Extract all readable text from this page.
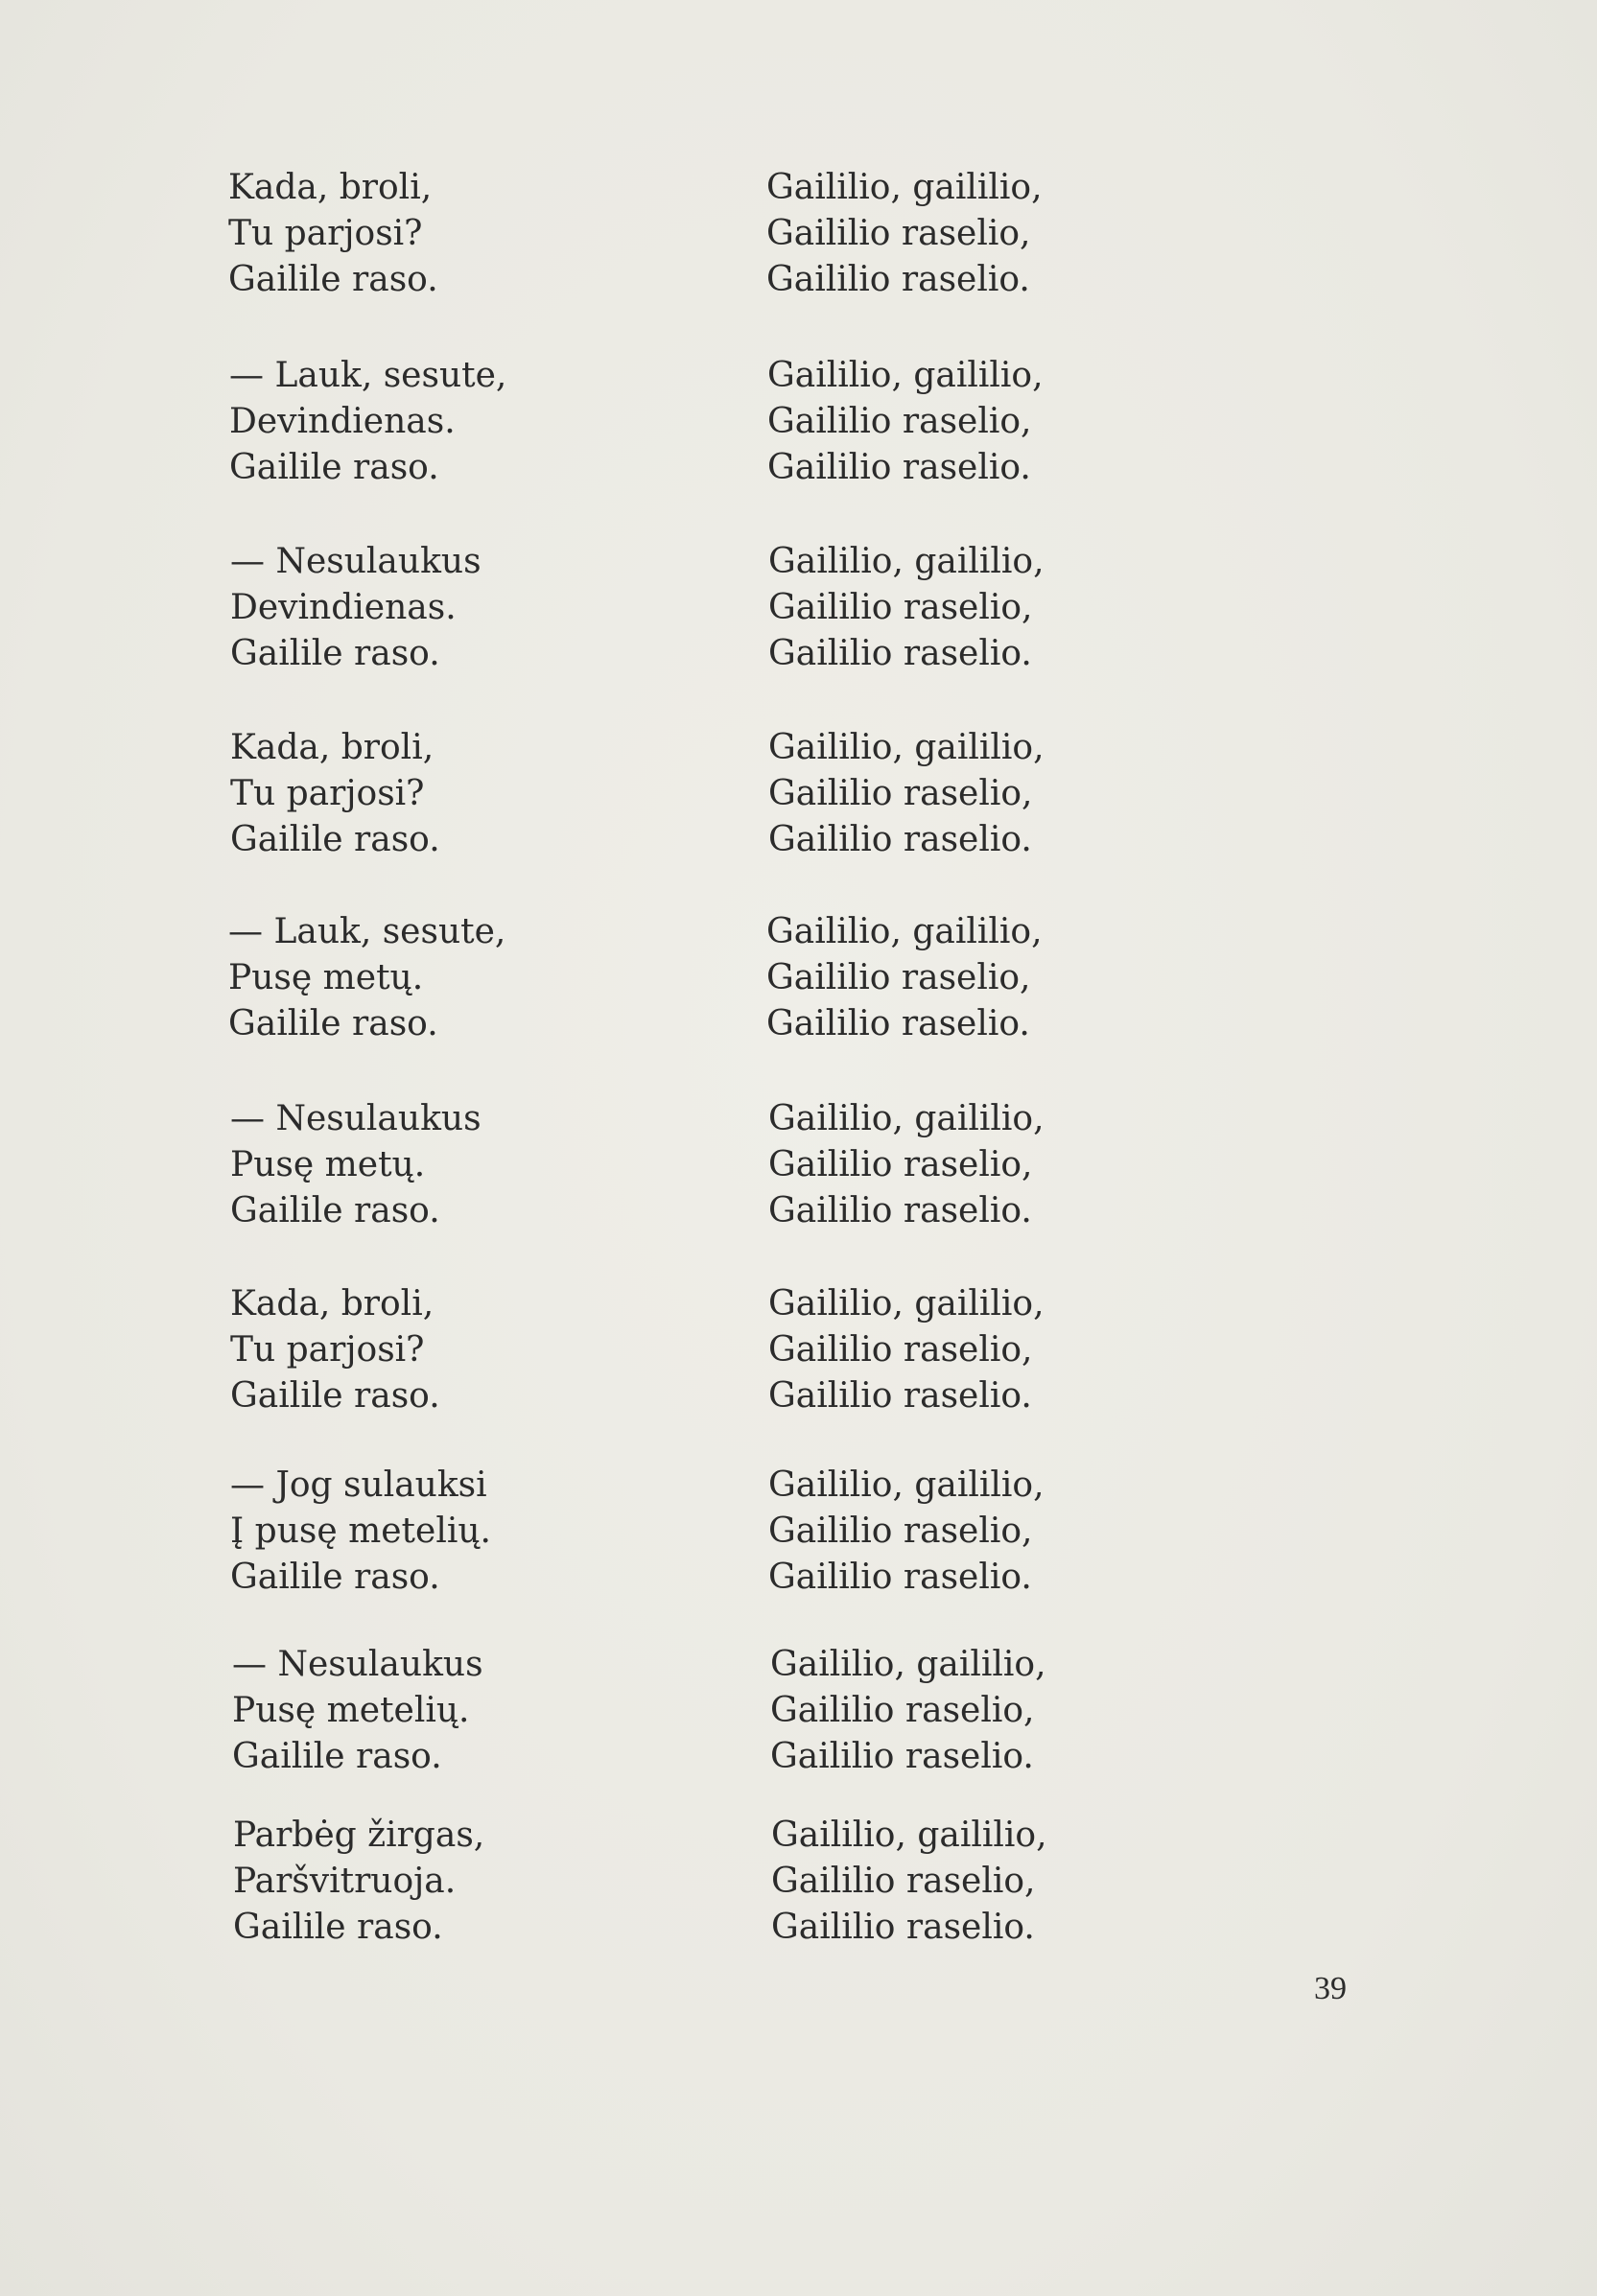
Kada, broli,
Tu parjosi?
Gailile raso.
Gaililio, gaililio,
Gaililio raselio,
Gaililio raselio.
— Lauk, sesute,
Devindienas.
Gailile raso.
Gaililio, gaililio,
Gaililio raselio,
Gaililio raselio.
— Nesulaukus
Devindienas.
Gailile raso.
Gaililio, gaililio,
Gaililio raselio,
Gaililio raselio.
Kada, broli,
Tu parjosi?
Gailile raso.
Gaililio, gaililio,
Gaililio raselio,
Gaililio raselio.
— Lauk, sesute,
Pusę metų.
Gailile raso.
Gaililio, gaililio,
Gaililio raselio,
Gaililio raselio.
— Nesulaukus
Pusę metų.
Gailile raso.
Gaililio, gaililio,
Gaililio raselio,
Gaililio raselio.
Kada, broli,
Tu parjosi?
Gailile raso.
Gaililio, gaililio,
Gaililio raselio,
Gaililio raselio.
— Jog sulauksi
Į pusę metelių.
Gailile raso.
Gaililio, gaililio,
Gaililio raselio,
Gaililio raselio.
— Nesulaukus
Pusę metelių.
Gailile raso.
Gaililio, gaililio,
Gaililio raselio,
Gaililio raselio.
Parbėg žirgas,
Paršvitruoja.
Gailile raso.
Gaililio, gaililio,
Gaililio raselio,
Gaililio raselio.
39
